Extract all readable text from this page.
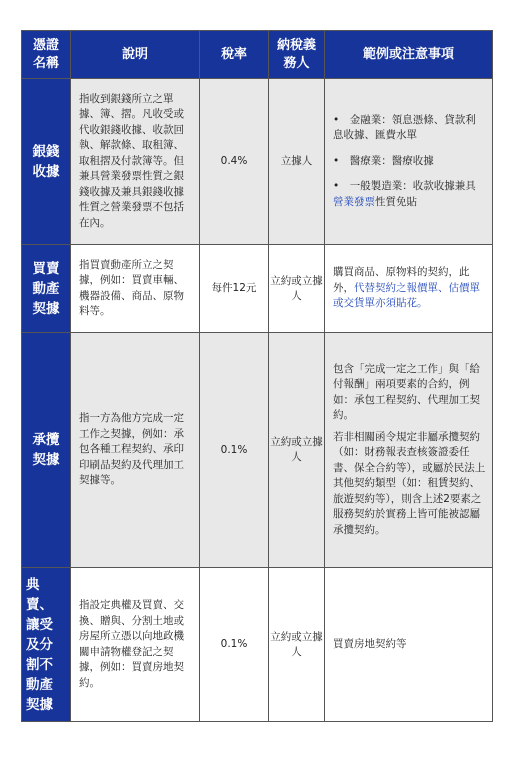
憑證名稱	說明	稅率	納稅義務人	範例或注意事項
銀錢收據	指收到銀錢所立之單據、簿、摺。凡收受或代收銀錢收據、收款回執、解款條、取租簿、取租摺及付款簿等。但兼具營業發票性質之銀錢收據及兼具銀錢收據性質之營業發票不包括在內。	0.4%	立據人	•　金融業：領息憑條、貸款利息收據、匯費水單
•　醫療業：醫療收據
•　一般製造業：收款收據兼具營業發票性質免貼

買賣動產契據	指買賣動產所立之契據，例如：買賣車輛、機器設備、商品、原物料等。	每件12元	立約或立據人	購買商品、原物料的契約，此外，代替契約之報價單、估價單或交貨單亦須貼花。
承攬契據	指一方為他方完成一定工作之契據，例如：承包各種工程契約、承印印刷品契約及代理加工契據等。	0.1%	立約或立據人	包含「完成一定之工作」與「給付報酬」兩項要素的合約，例如：承包工程契約、代理加工契約。
若非相關函令規定非屬承攬契約（如：財務報表查核簽證委任書、保全合約等），或屬於民法上其他契約類型（如：租賃契約、旅遊契約等），則含上述2要素之服務契約於實務上皆可能被認屬承攬契約。

典賣、讓受及分割不動產契據	指設定典權及買賣、交換、贈與、分割土地或房屋所立憑以向地政機關申請物權登記之契據，例如：買賣房地契約。	0.1%	立約或立據人	買賣房地契約等
